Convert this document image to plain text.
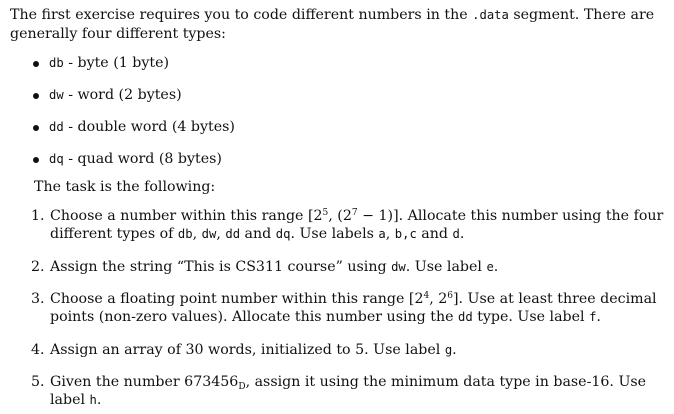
The first exercise requires you to code different numbers in the .data segment. There are
generally four different types:
db - byte (1 byte)
dw - word (2 bytes)
dd - double word (4 bytes)
dq - quad word (8 bytes)
The task is the following:
1. Choose a number within this range [$2^5$, $(2^7 - 1)$]. Allocate this number using the four
different types of db, dw, dd and dq. Use labels a, b,c and d.
2. Assign the string “This is CS311 course” using dw. Use label e.
3. Choose a floating point number within this range [$2^4$, $2^6$]. Use at least three decimal
points (non-zero values). Allocate this number using the dd type. Use label f.
4. Assign an array of 30 words, initialized to 5. Use label g.
5. Given the number $673456_D$, assign it using the minimum data type in base-16. Use
label h.
